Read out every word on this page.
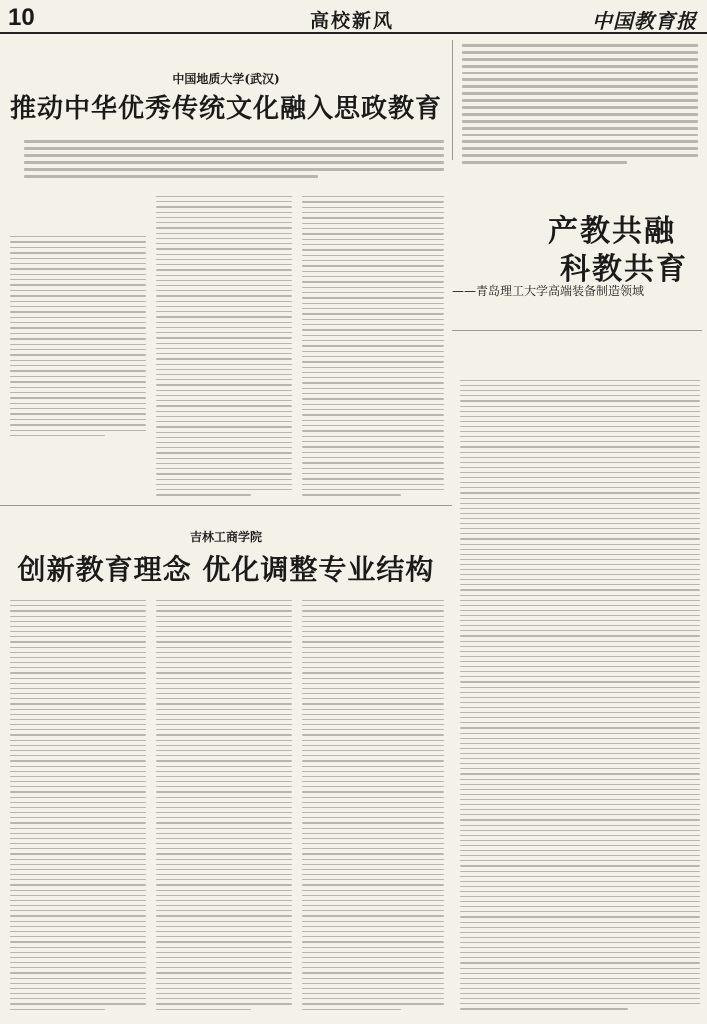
10	高校新风	中国教育报
中国地质大学(武汉)
推动中华优秀传统文化融入思政教育
产教共融
科教共育
——青岛理工大学高端装备制造领域
吉林工商学院
创新教育理念 优化调整专业结构
